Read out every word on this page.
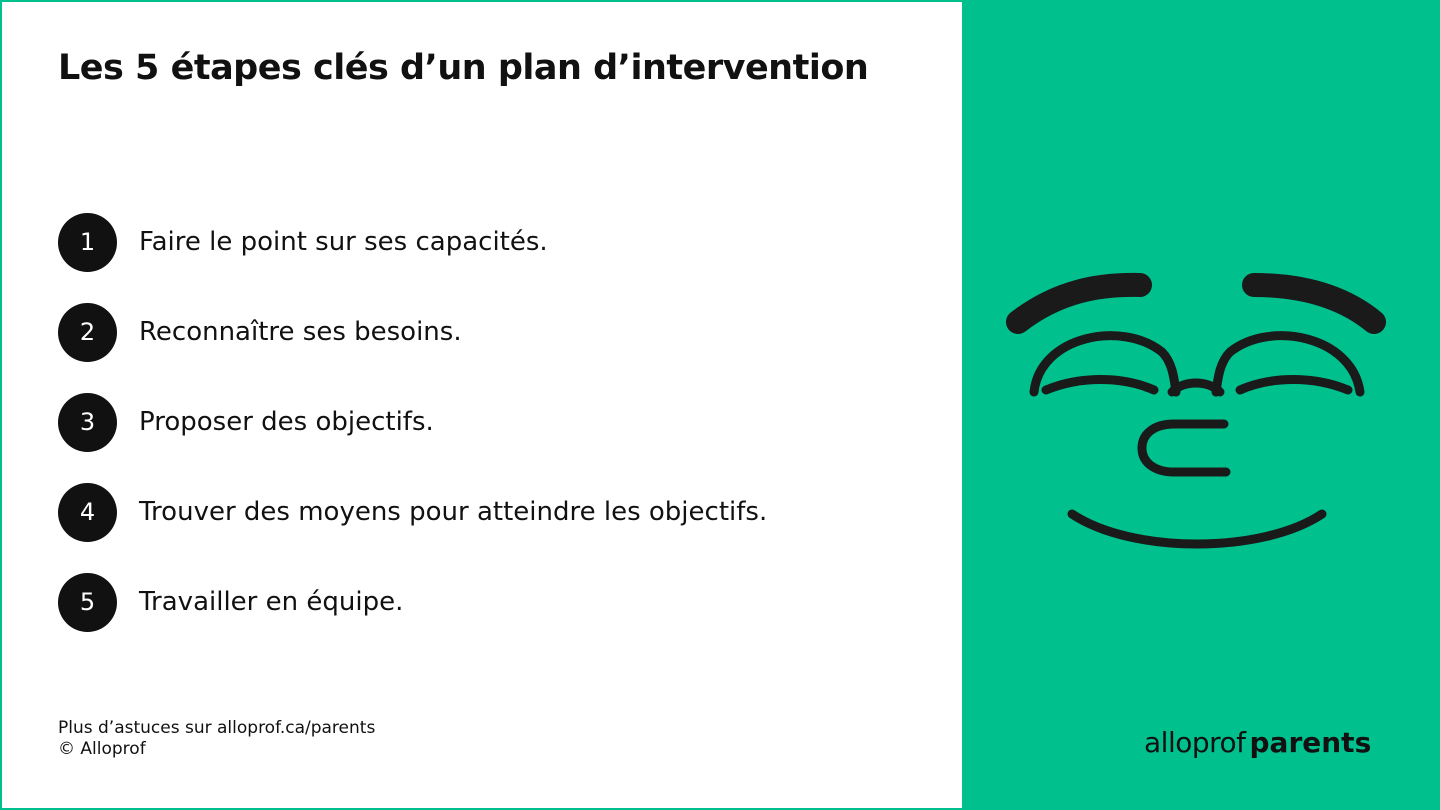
Les 5 étapes clés d’un plan d’intervention
1	Faire le point sur ses capacités.
2	Reconnaître ses besoins.
3	Proposer des objectifs.
4	Trouver des moyens pour atteindre les objectifs.
5	Travailler en équipe.
Plus d’astuces sur alloprof.ca/parents
© Alloprof	alloprof parents
